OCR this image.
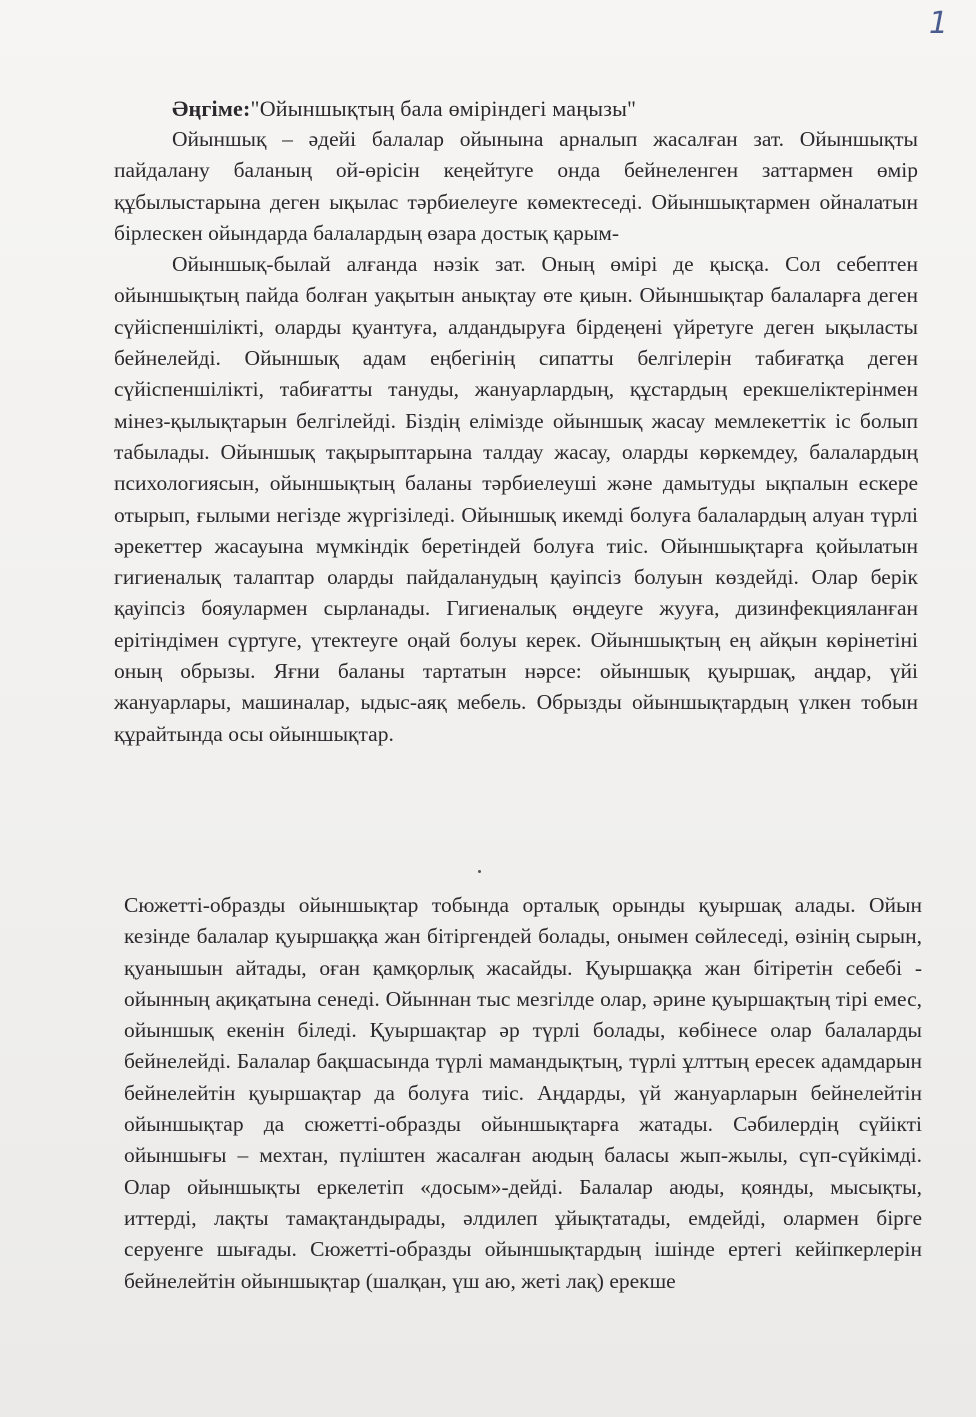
1

Әңгіме:"Ойыншықтың бала өміріндегі маңызы"

Ойыншық – әдейі балалар ойынына арналып жасалған зат. Ойыншықты пайдалану баланың ой-өрісін кеңейтуге онда бейнеленген заттармен өмір құбылыстарына деген ықылас тәрбиелеуге көмектеседі. Ойыншықтармен ойналатын бірлескен ойындарда балалардың өзара достық қарым-

Ойыншық-былай алғанда нәзік зат. Оның өмірі де қысқа. Сол себептен ойыншықтың пайда болған уақытын анықтау өте қиын. Ойыншықтар балаларға деген сүйіспеншілікті, оларды қуантуға, алдандыруға бірдеңені үйретуге деген ықыласты бейнелейді. Ойыншық адам еңбегінің сипатты белгілерін табиғатқа деген сүйіспеншілікті, табиғатты тануды, жануарлардың, құстардың ерекшеліктерінмен мінез-қылықтарын белгілейді. Біздің елімізде ойыншық жасау мемлекеттік іс болып табылады. Ойыншық тақырыптарына талдау жасау, оларды көркемдеу, балалардың психологиясын, ойыншықтың баланы тәрбиелеуші және дамытуды ықпалын ескере отырып, ғылыми негізде жүргізіледі. Ойыншық икемді болуға балалардың алуан түрлі әрекеттер жасауына мүмкіндік беретіндей болуға тиіс. Ойыншықтарға қойылатын гигиеналық талаптар оларды пайдаланудың қауіпсіз болуын көздейді. Олар берік қауіпсіз бояулармен сырланады. Гигиеналық өңдеуге жууға, дизинфекцияланған ерітіндімен сүртуге, үтектеуге оңай болуы керек. Ойыншықтың ең айқын көрінетіні оның обрызы. Яғни баланы тартатын нәрсе: ойыншық қуыршақ, аңдар, үйі жануарлары, машиналар, ыдыс-аяқ мебель. Обрызды ойыншықтардың үлкен тобын құрайтында осы ойыншықтар.

Сюжетті-образды ойыншықтар тобында орталық орынды қуыршақ алады. Ойын кезінде балалар қуыршаққа жан бітіргендей болады, онымен сөйлеседі, өзінің сырын, қуанышын айтады, оған қамқорлық жасайды. Қуыршаққа жан бітіретін себебі - ойынның ақиқатына сенеді. Ойыннан тыс мезгілде олар, әрине қуыршақтың тірі емес, ойыншық екенін біледі. Қуыршақтар әр түрлі болады, көбінесе олар балаларды бейнелейді. Балалар бақшасында түрлі мамандықтың, түрлі ұлттың ересек адамдарын бейнелейтін қуыршақтар да болуға тиіс. Аңдарды, үй жануарларын бейнелейтін ойыншықтар да сюжетті-образды ойыншықтарға жатады. Сәбилердің сүйікті ойыншығы – мехтан, пүліштен жасалған аюдың баласы жып-жылы, сүп-сүйкімді. Олар ойыншықты еркелетіп «досым»-дейді. Балалар аюды, қоянды, мысықты, иттерді, лақты тамақтандырады, әлдилеп ұйықтатады, емдейді, олармен бірге серуенге шығады. Сюжетті-образды ойыншықтардың ішінде ертегі кейіпкерлерін бейнелейтін ойыншықтар (шалқан, үш аю, жеті лақ) ерекше
